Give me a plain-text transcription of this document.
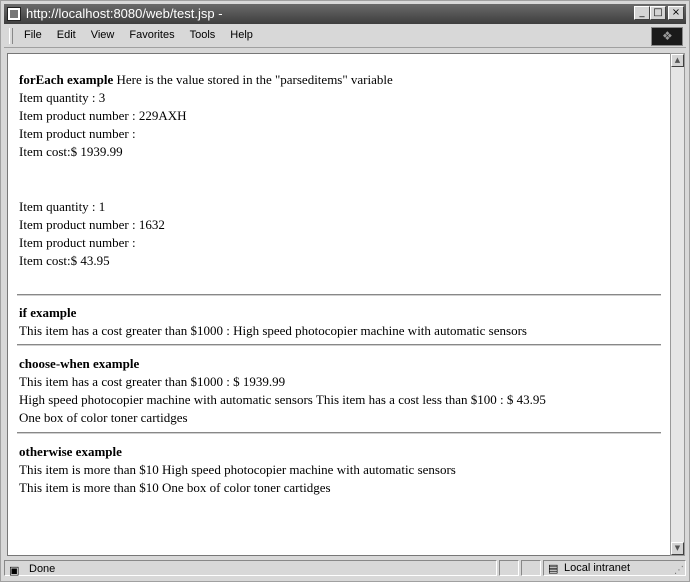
http://localhost:8080/web/test.jsp -	_ □ ×
File Edit View Favorites Tools Help
❖
forEach example Here is the value stored in the "parseditems" variable
Item quantity : 3
Item product number : 229AXH
Item product number :
Item cost:$ 1939.99
Item quantity : 1
Item product number : 1632
Item product number :
Item cost:$ 43.95
if example
This item has a cost greater than $1000 : High speed photocopier machine with automatic sensors
choose-when example
This item has a cost greater than $1000 : $ 1939.99
High speed photocopier machine with automatic sensors This item has a cost less than $100 : $ 43.95
One box of color toner cartidges
otherwise example
This item is more than $10 High speed photocopier machine with automatic sensors
This item is more than $10 One box of color toner cartidges
▲
▼
▣ Done	▤ Local intranet	⋰
